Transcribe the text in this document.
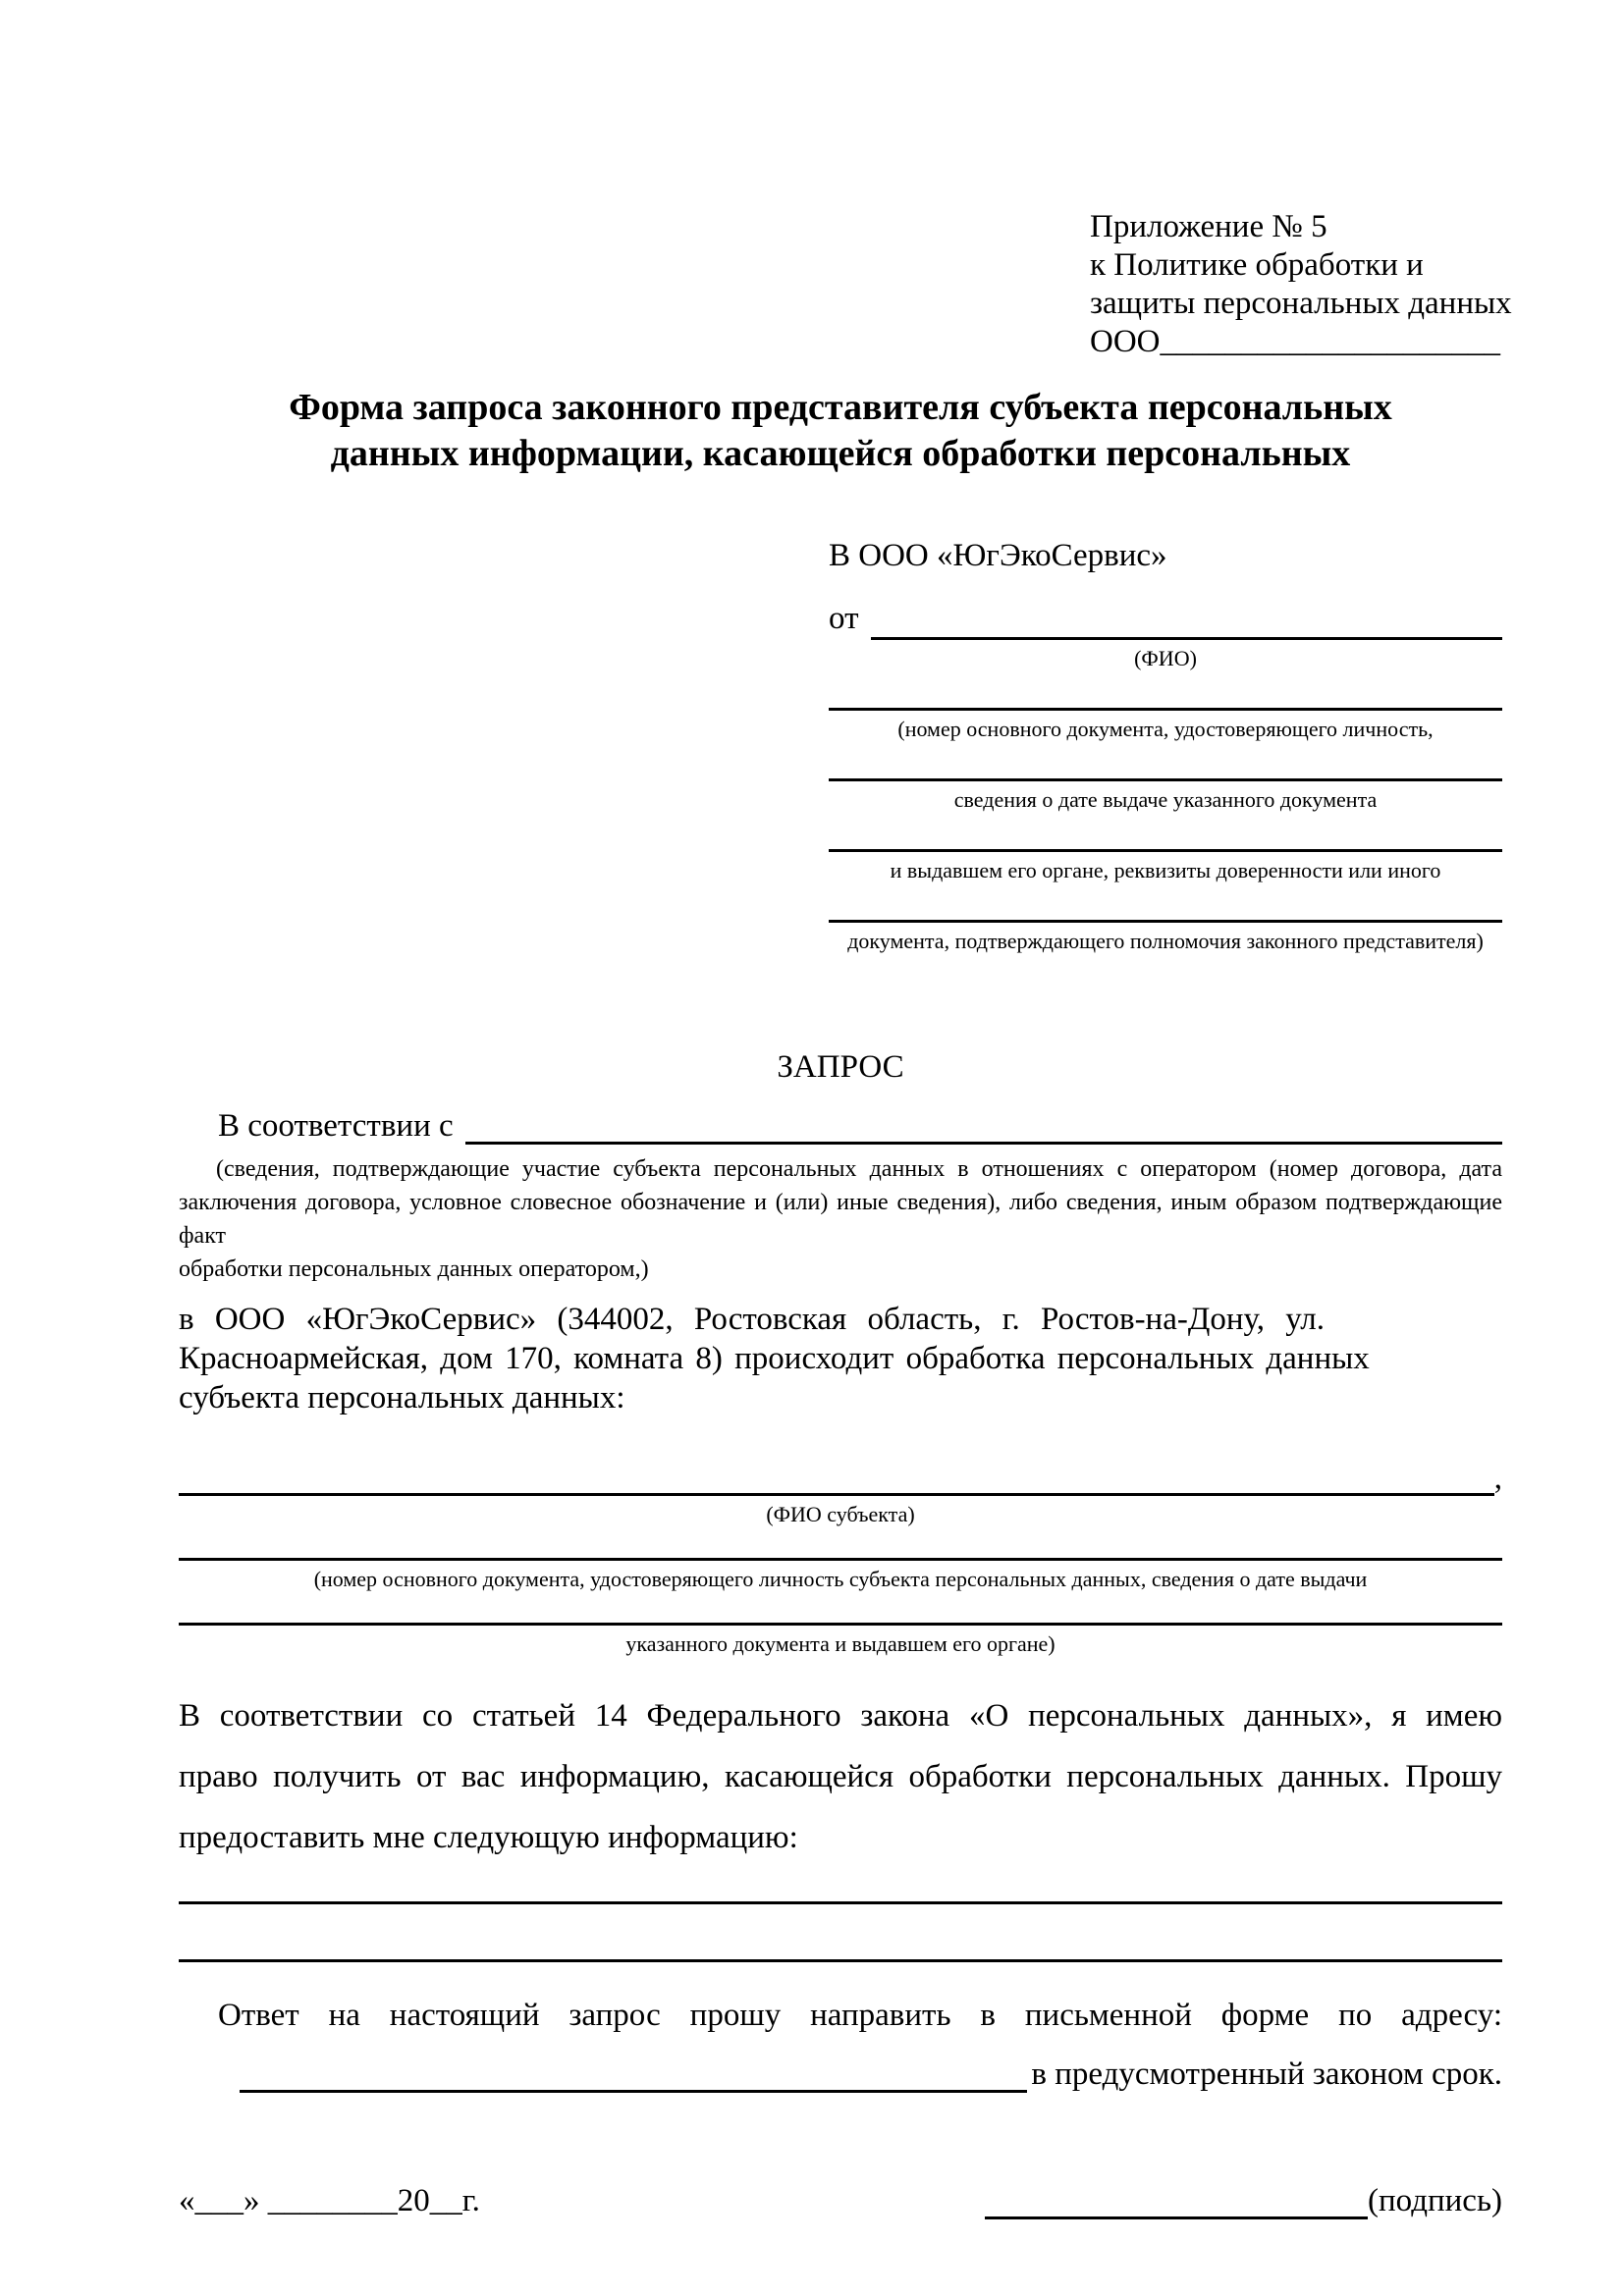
Приложение № 5
к Политике обработки и
защиты персональных данных
ООО_____________________
Форма запроса законного представителя субъекта персональных
данных информации, касающейся обработки персональных
В ООО «ЮгЭкоСервис»
от
(ФИО)
(номер основного документа, удостоверяющего личность,
сведения о дате выдаче указанного документа
и выдавшем его органе, реквизиты доверенности или иного
документа, подтверждающего полномочия законного представителя)
ЗАПРОС
В соответствии с
(сведения, подтверждающие участие субъекта персональных данных в отношениях с оператором (номер договора, дата
заключения договора, условное словесное обозначение и (или) иные сведения), либо сведения, иным образом подтверждающие факт
обработки персональных данных оператором,)
в ООО «ЮгЭкоСервис» (344002, Ростовская область, г. Ростов-на-Дону, ул.
Красноармейская, дом 170, комната 8) происходит обработка персональных данных
субъекта персональных данных:
,
(ФИО субъекта)
(номер основного документа, удостоверяющего личность субъекта персональных данных, сведения о дате выдачи
указанного документа и выдавшем его органе)
В соответствии со статьей 14 Федерального закона «О персональных данных», я имею
право получить от вас информацию, касающейся обработки персональных данных. Прошу
предоставить мне следующую информацию:
Ответ на настоящий запрос прошу направить в письменной форме по адресу:
в предусмотренный законом срок.
«___» ________20__г.	(подпись)
